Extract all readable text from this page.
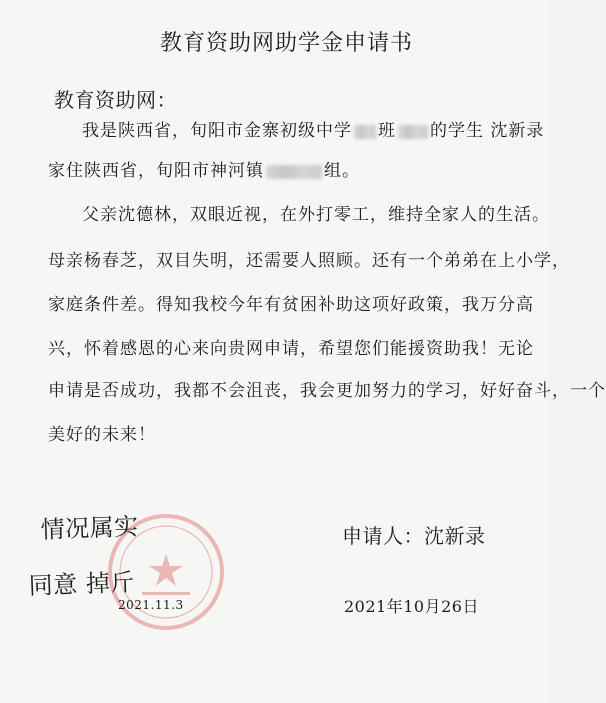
教育资助网助学金申请书
教育资助网：
我是陕西省，旬阳市金寨初级中学 班 的学生 沈新录
家住陕西省，旬阳市神河镇	组。
父亲沈德林，双眼近视，在外打零工，维持全家人的生活。
母亲杨春芝，双目失明，还需要人照顾。还有一个弟弟在上小学，
家庭条件差。得知我校今年有贫困补助这项好政策，我万分高
兴，怀着感恩的心来向贵网申请，希望您们能援资助我！无论
申请是否成功，我都不会沮丧，我会更加努力的学习，好好奋斗，一个
美好的未来！
情况属实
同意 掉斤
2021.11.3
申请人：沈新录
2021年10月26日
